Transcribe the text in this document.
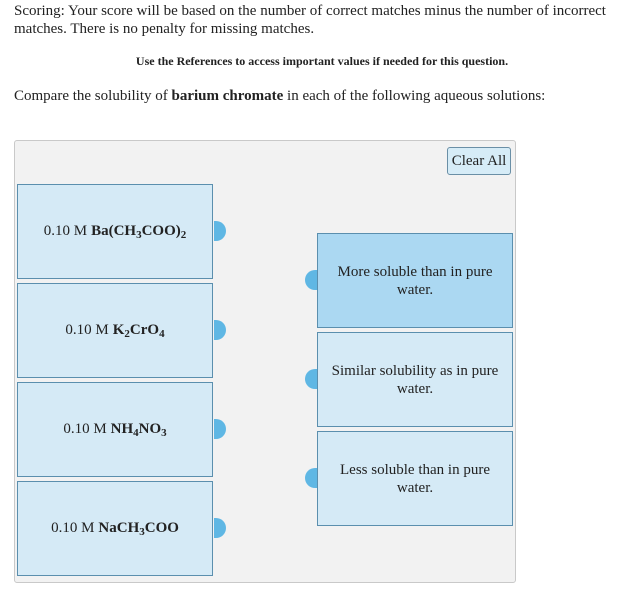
Scoring: Your score will be based on the number of correct matches minus the number of incorrect matches. There is no penalty for missing matches.
Use the References to access important values if needed for this question.
Compare the solubility of barium chromate in each of the following aqueous solutions:
Clear All
0.10 M $Ba(CH_3COO)_2$
0.10 M $K_2CrO_4$
0.10 M $NH_4NO_3$
0.10 M NaCH$_3$COO
More soluble than in pure water.
Similar solubility as in pure water.
Less soluble than in pure water.
